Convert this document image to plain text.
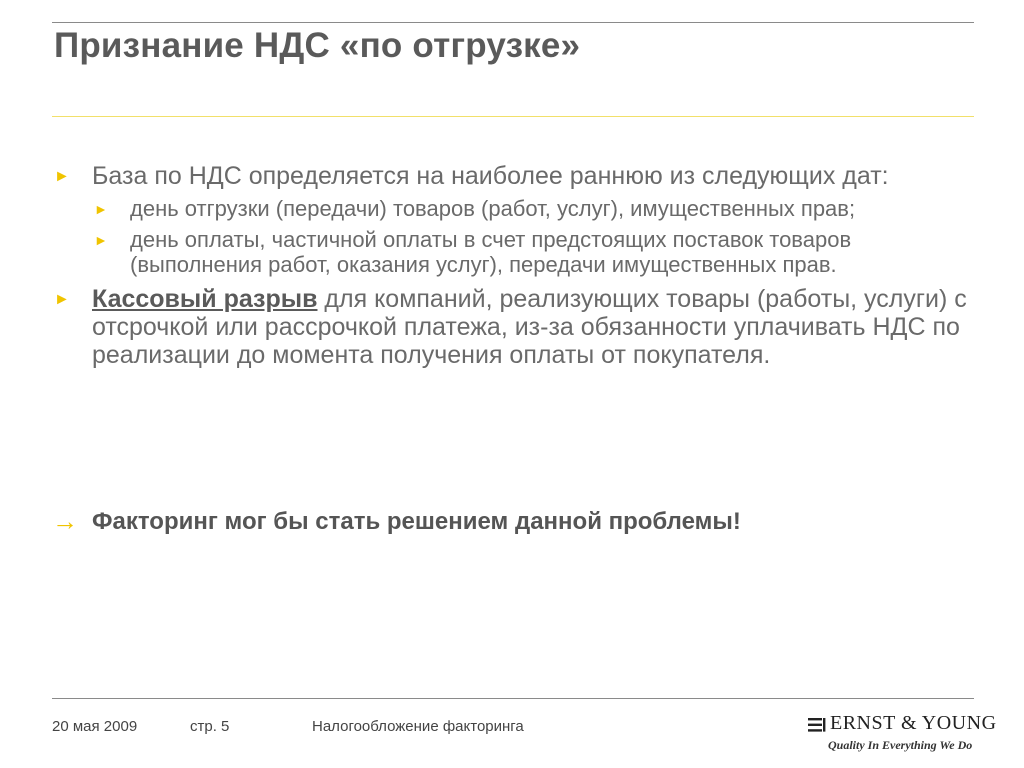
Признание НДС «по отгрузке»
► База по НДС определяется на наиболее раннюю из следующих дат:
► день отгрузки (передачи) товаров (работ, услуг), имущественных прав;
► день оплаты, частичной оплаты в счет предстоящих поставок товаров (выполнения работ, оказания услуг), передачи имущественных прав.
► Кассовый разрыв для компаний, реализующих товары (работы, услуги) с отсрочкой или рассрочкой платежа, из-за обязанности уплачивать НДС по реализации до момента получения оплаты от покупателя.
→ Факторинг мог бы стать решением данной проблемы!
20 мая 2009	стр. 5	Налогообложение факторинга	ERNST & YOUNG
Quality In Everything We Do
